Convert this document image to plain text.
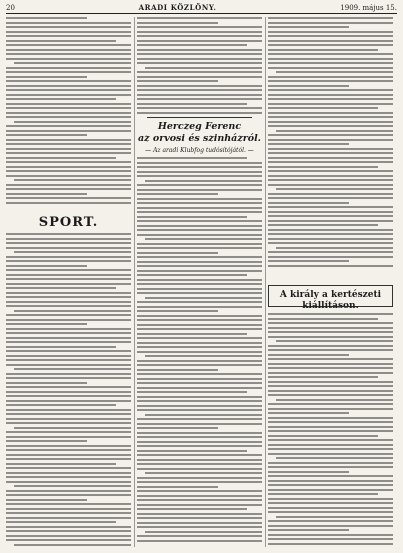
20	ARADI KÖZLÖNY.	1909. május 15.
SPORT.
Herczeg Ferenc
az orvosi és szinházról.
— Az aradi Klubfog tudósítójától. —
A király a kertészeti kiállításon.
